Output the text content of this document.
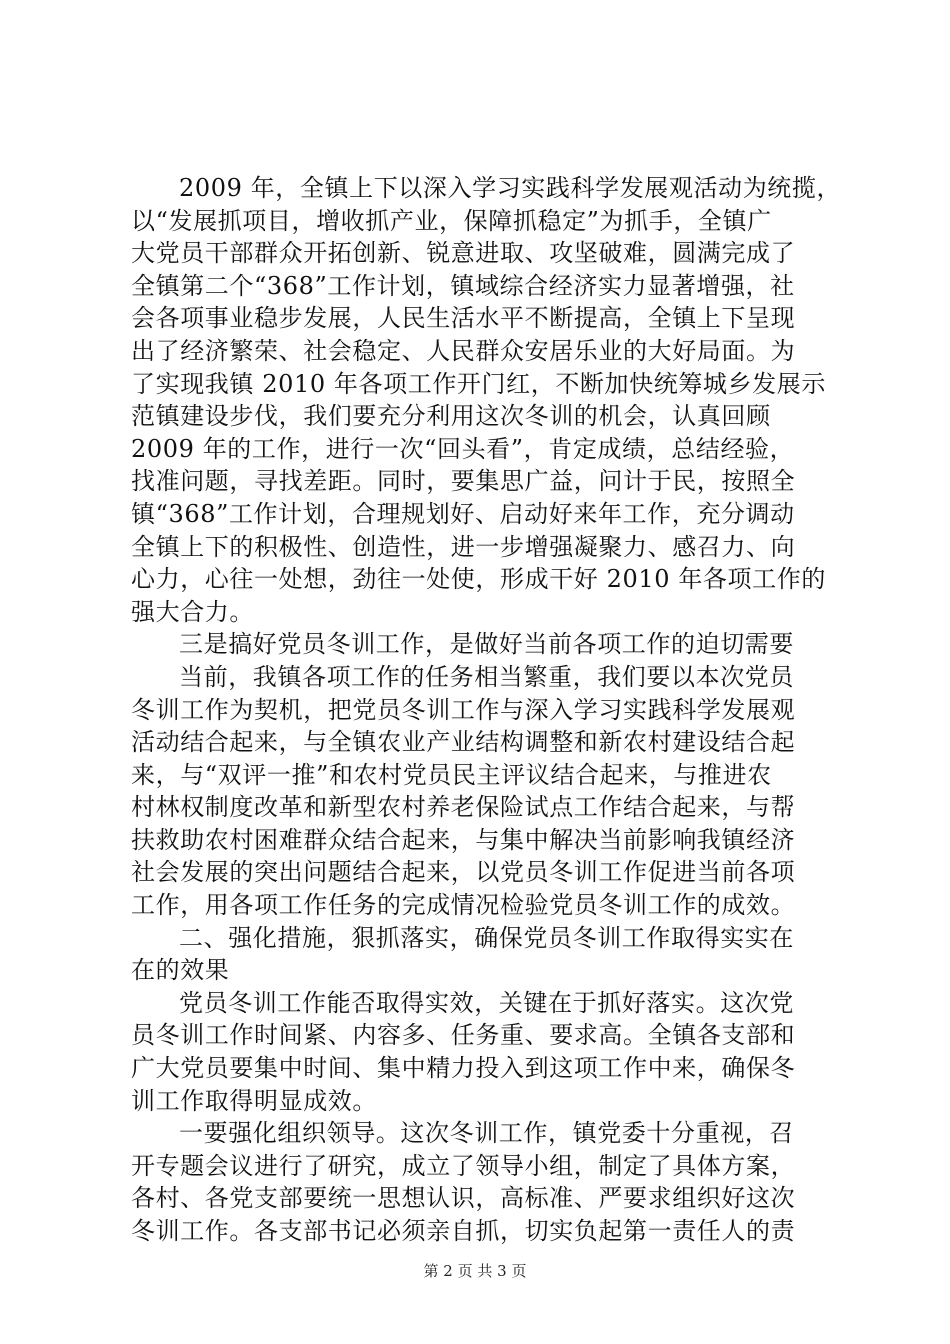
2009 年，全镇上下以深入学习实践科学发展观活动为统揽，
以“发展抓项目，增收抓产业，保障抓稳定”为抓手，全镇广
大党员干部群众开拓创新、锐意进取、攻坚破难，圆满完成了
全镇第二个“368”工作计划，镇域综合经济实力显著增强，社
会各项事业稳步发展，人民生活水平不断提高，全镇上下呈现
出了经济繁荣、社会稳定、人民群众安居乐业的大好局面。为
了实现我镇 2010 年各项工作开门红，不断加快统筹城乡发展示
范镇建设步伐，我们要充分利用这次冬训的机会，认真回顾
2009 年的工作，进行一次“回头看”，肯定成绩，总结经验，
找准问题，寻找差距。同时，要集思广益，问计于民，按照全
镇“368”工作计划，合理规划好、启动好来年工作，充分调动
全镇上下的积极性、创造性，进一步增强凝聚力、感召力、向
心力，心往一处想，劲往一处使，形成干好 2010 年各项工作的
强大合力。
三是搞好党员冬训工作，是做好当前各项工作的迫切需要
当前，我镇各项工作的任务相当繁重，我们要以本次党员
冬训工作为契机，把党员冬训工作与深入学习实践科学发展观
活动结合起来，与全镇农业产业结构调整和新农村建设结合起
来，与“双评一推”和农村党员民主评议结合起来，与推进农
村林权制度改革和新型农村养老保险试点工作结合起来，与帮
扶救助农村困难群众结合起来，与集中解决当前影响我镇经济
社会发展的突出问题结合起来，以党员冬训工作促进当前各项
工作，用各项工作任务的完成情况检验党员冬训工作的成效。
二、强化措施，狠抓落实，确保党员冬训工作取得实实在
在的效果
党员冬训工作能否取得实效，关键在于抓好落实。这次党
员冬训工作时间紧、内容多、任务重、要求高。全镇各支部和
广大党员要集中时间、集中精力投入到这项工作中来，确保冬
训工作取得明显成效。
一要强化组织领导。这次冬训工作，镇党委十分重视，召
开专题会议进行了研究，成立了领导小组，制定了具体方案，
各村、各党支部要统一思想认识，高标准、严要求组织好这次
冬训工作。各支部书记必须亲自抓，切实负起第一责任人的责
第 2 页 共 3 页
